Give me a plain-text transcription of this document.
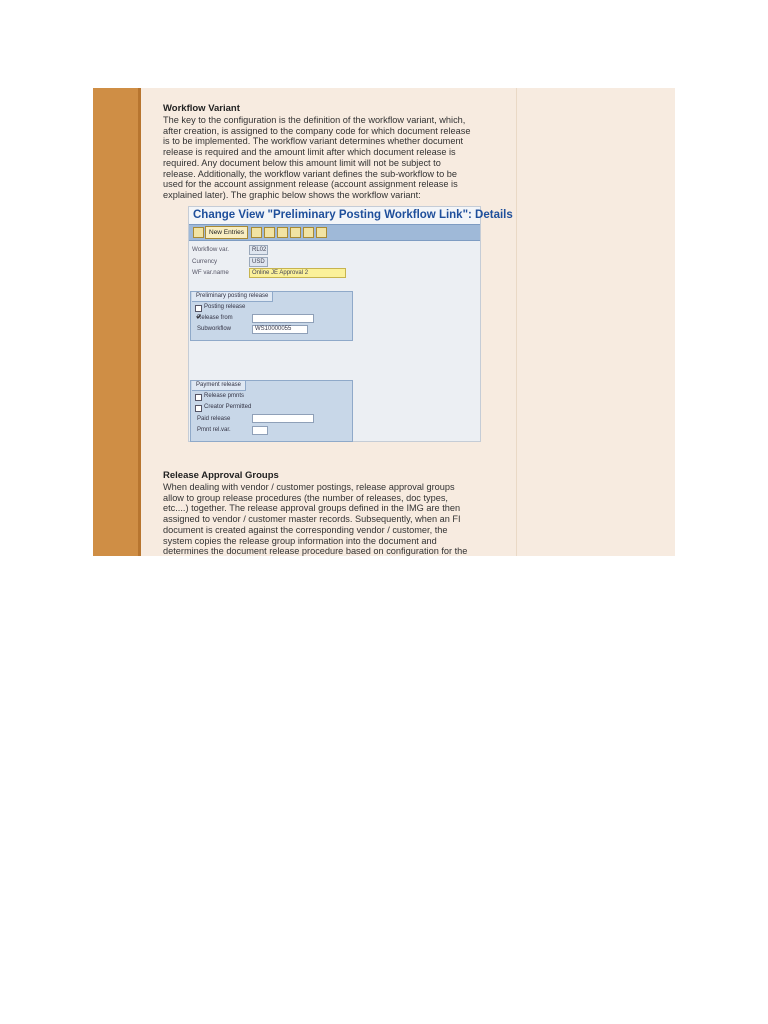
Workflow Variant

The key to the configuration is the definition of the workflow variant, which,

after creation, is assigned to the company code for which document release

is to be implemented. The workflow variant determines whether document

release is required and the amount limit after which document release is

required. Any document below this amount limit will not be subject to

release. Additionally, the workflow variant defines the sub-workflow to be

used for the account assignment release (account assignment release is

explained later). The graphic below shows the workflow variant:

Change View "Preliminary Posting Workflow Link": Details
New Entries
Workflow var.	RL02
Currency	USD
WF var.name	Online JE Approval 2
Preliminary posting release
Posting release
Release from
Subworkflow	WS10000055
Payment release
Release pmnts
Creator Permitted
Paid release
Pmnt rel.var.
Release Approval Groups

When dealing with vendor / customer postings, release approval groups

allow to group release procedures (the number of releases, doc types,

etc....) together. The release approval groups defined in the IMG are then

assigned to vendor / customer master records. Subsequently, when an FI

document is created against the corresponding vendor / customer, the

system copies the release group information into the document and

determines the document release procedure based on configuration for the
